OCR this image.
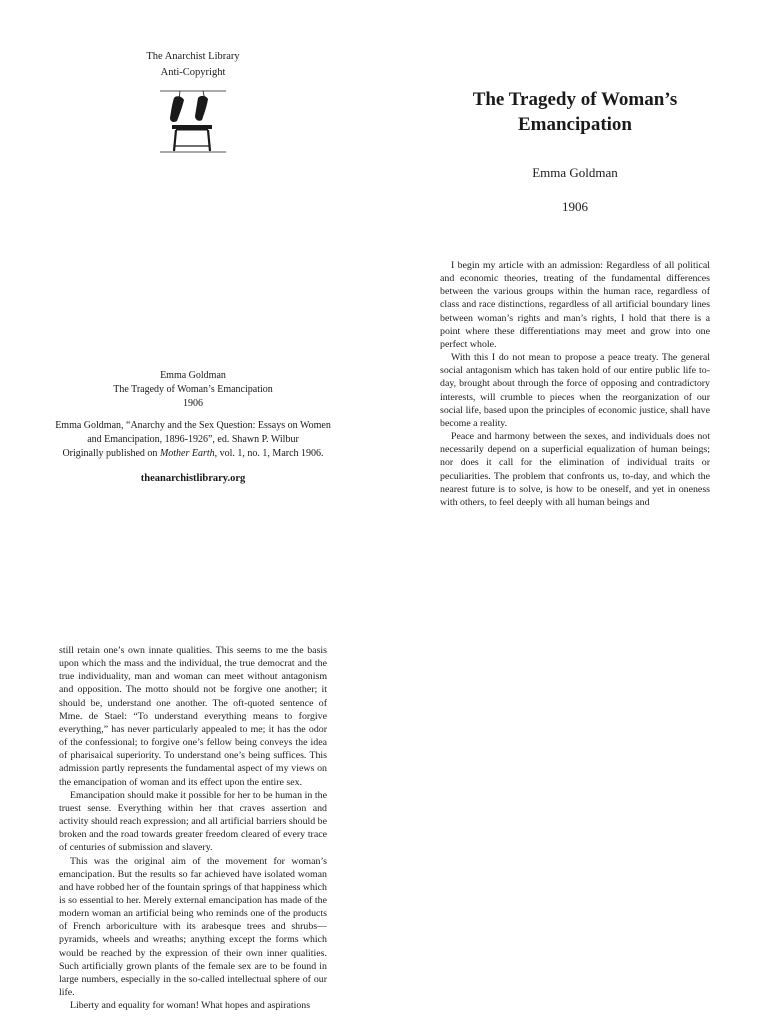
The Anarchist Library
Anti-Copyright
The Tragedy of Woman’s
Emancipation
Emma Goldman
1906

Emma Goldman

The Tragedy of Woman’s Emancipation

1906

Emma Goldman, “Anarchy and the Sex Question: Essays on Women and Emancipation, 1896-1926”, ed. Shawn P. Wilbur

Originally published on Mother Earth, vol. 1, no. 1, March 1906.

theanarchistlibrary.org

I begin my article with an admission: Regardless of all political and economic theories, treating of the fundamental differences between the various groups within the human race, regardless of class and race distinctions, regardless of all artificial boundary lines between woman’s rights and man’s rights, I hold that there is a point where these differentiations may meet and grow into one perfect whole.

With this I do not mean to propose a peace treaty. The general social antagonism which has taken hold of our entire public life to-day, brought about through the force of opposing and contradictory interests, will crumble to pieces when the reorganization of our social life, based upon the principles of economic justice, shall have become a reality.

Peace and harmony between the sexes, and individuals does not necessarily depend on a superficial equalization of human beings; nor does it call for the elimination of individual traits or peculiarities. The problem that confronts us, to-day, and which the nearest future is to solve, is how to be oneself, and yet in oneness with others, to feel deeply with all human beings and

still retain one’s own innate qualities. This seems to me the basis upon which the mass and the individual, the true democrat and the true individuality, man and woman can meet without antagonism and opposition. The motto should not be forgive one another; it should be, understand one another. The oft-quoted sentence of Mme. de Stael: “To understand everything means to forgive everything,” has never particularly appealed to me; it has the odor of the confessional; to forgive one’s fellow being conveys the idea of pharisaical superiority. To understand one’s being suffices. This admission partly represents the fundamental aspect of my views on the emancipation of woman and its effect upon the entire sex.

Emancipation should make it possible for her to be human in the truest sense. Everything within her that craves assertion and activity should reach expression; and all artificial barriers should be broken and the road towards greater freedom cleared of every trace of centuries of submission and slavery.

This was the original aim of the movement for woman’s emancipation. But the results so far achieved have isolated woman and have robbed her of the fountain springs of that happiness which is so essential to her. Merely external emancipation has made of the modern woman an artificial being who reminds one of the products of French arboriculture with its arabesque trees and shrubs—pyramids, wheels and wreaths; anything except the forms which would be reached by the expression of their own inner qualities. Such artificially grown plants of the female sex are to be found in large numbers, especially in the so-called intellectual sphere of our life.

Liberty and equality for woman! What hopes and aspirations
